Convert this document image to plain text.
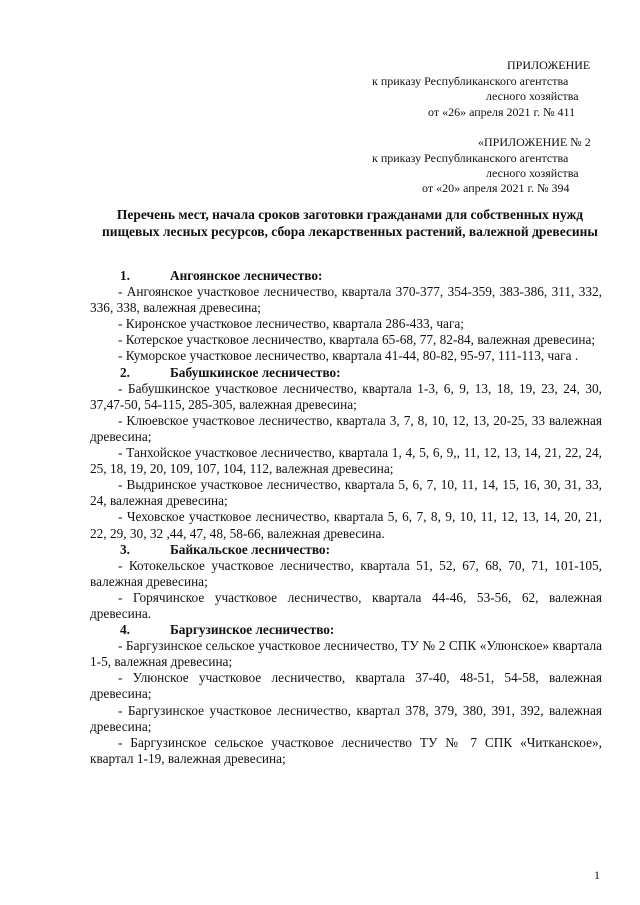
ПРИЛОЖЕНИЕ
к приказу Республиканского агентства
лесного хозяйства
от «26» апреля 2021 г. № 411
«ПРИЛОЖЕНИЕ № 2
к приказу Республиканского агентства
лесного хозяйства
от «20» апреля 2021 г. № 394
Перечень мест, начала сроков заготовки гражданами для собственных нужд пищевых лесных ресурсов, сбора лекарственных растений, валежной древесины
1.	Ангоянское лесничество:
- Ангоянское участковое лесничество, квартала 370-377, 354-359, 383-386, 311, 332, 336, 338, валежная древесина;
- Киронское участковое лесничество, квартала 286-433, чага;
- Котерское участковое лесничество, квартала 65-68, 77, 82-84, валежная древесина;
- Куморское участковое лесничество, квартала 41-44, 80-82, 95-97, 111-113, чага .
2.	Бабушкинское лесничество:
- Бабушкинское участковое лесничество, квартала 1-3, 6, 9, 13, 18, 19, 23, 24, 30, 37,47-50, 54-115, 285-305, валежная древесина;
- Клюевское участковое лесничество, квартала 3, 7, 8, 10, 12, 13, 20-25, 33 валежная древесина;
- Танхойское участковое лесничество, квартала 1, 4, 5, 6, 9,, 11, 12, 13, 14, 21, 22, 24, 25, 18, 19, 20, 109, 107, 104, 112, валежная древесина;
- Выдринское участковое лесничество, квартала 5, 6, 7, 10, 11, 14, 15, 16, 30, 31, 33, 24, валежная древесина;
- Чеховское участковое лесничество, квартала 5, 6, 7, 8, 9, 10, 11, 12, 13, 14, 20, 21, 22, 29, 30, 32 ,44, 47, 48, 58-66, валежная древесина.
3.	Байкальское лесничество:
- Котокельское участковое лесничество, квартала 51, 52, 67, 68, 70, 71, 101-105, валежная древесина;
- Горячинское участковое лесничество, квартала 44-46, 53-56, 62, валежная древесина.
4.	Баргузинское лесничество:
- Баргузинское сельское участковое лесничество, ТУ № 2 СПК «Улюнское» квартала 1-5, валежная древесина;
- Улюнское участковое лесничество, квартала 37-40, 48-51, 54-58, валежная древесина;
- Баргузинское участковое лесничество, квартал 378, 379, 380, 391, 392, валежная древесина;
- Баргузинское сельское участковое лесничество ТУ № 7 СПК «Читканское», квартал 1-19, валежная древесина;
1
